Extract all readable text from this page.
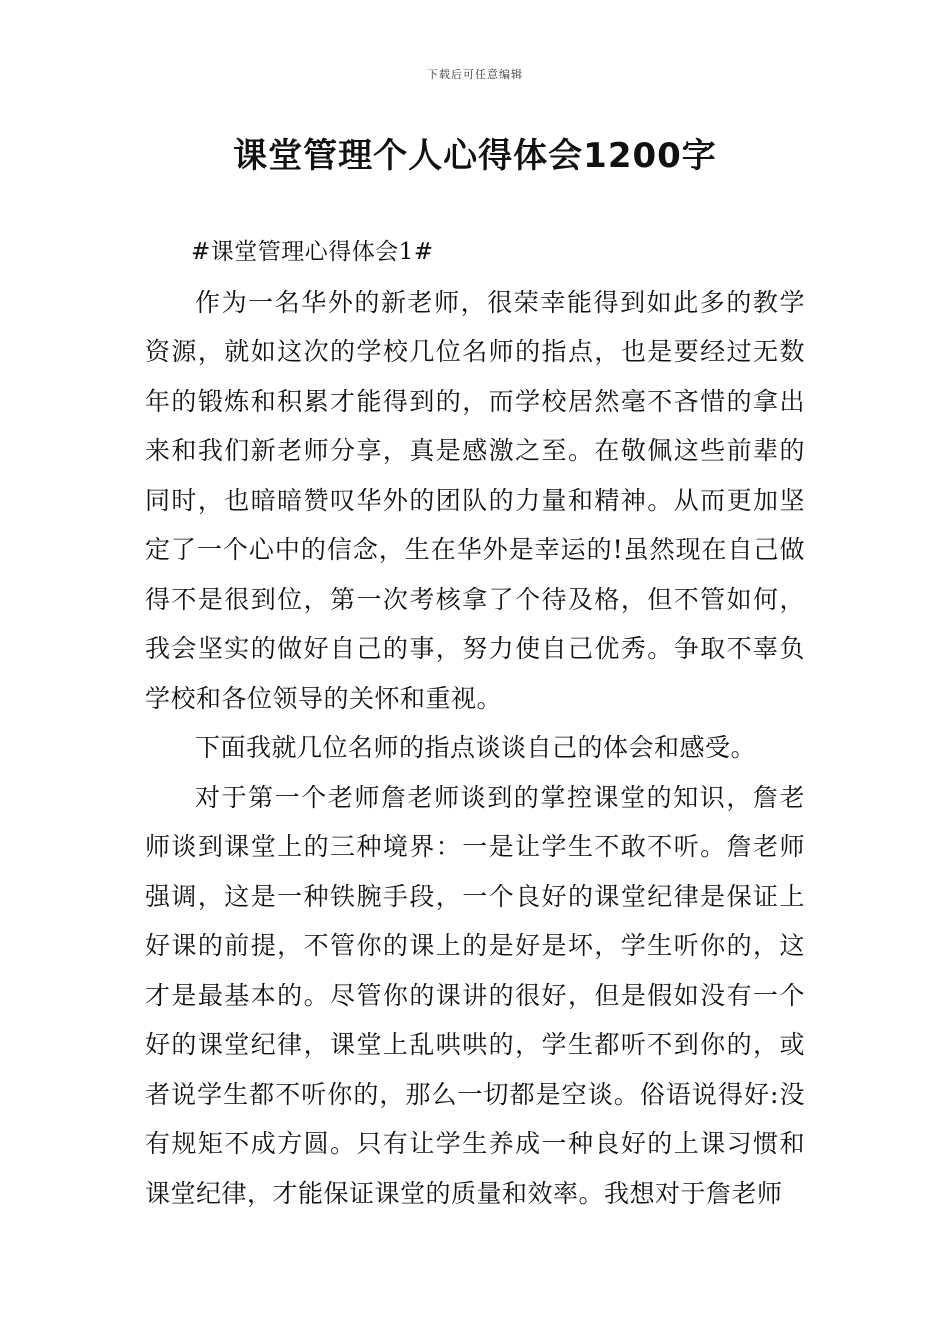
下载后可任意编辑
课堂管理个人心得体会1200字

#课堂管理心得体会1#

作为一名华外的新老师，很荣幸能得到如此多的教学资源，就如这次的学校几位名师的指点，也是要经过无数年的锻炼和积累才能得到的，而学校居然毫不吝惜的拿出来和我们新老师分享，真是感激之至。在敬佩这些前辈的同时，也暗暗赞叹华外的团队的力量和精神。从而更加坚定了一个心中的信念，生在华外是幸运的!虽然现在自己做得不是很到位，第一次考核拿了个待及格，但不管如何，我会坚实的做好自己的事，努力使自己优秀。争取不辜负学校和各位领导的关怀和重视。

下面我就几位名师的指点谈谈自己的体会和感受。

对于第一个老师詹老师谈到的掌控课堂的知识，詹老师谈到课堂上的三种境界：一是让学生不敢不听。詹老师强调，这是一种铁腕手段，一个良好的课堂纪律是保证上好课的前提，不管你的课上的是好是坏，学生听你的，这才是最基本的。尽管你的课讲的很好，但是假如没有一个好的课堂纪律，课堂上乱哄哄的，学生都听不到你的，或者说学生都不听你的，那么一切都是空谈。俗语说得好:没有规矩不成方圆。只有让学生养成一种良好的上课习惯和课堂纪律，才能保证课堂的质量和效率。我想对于詹老师
